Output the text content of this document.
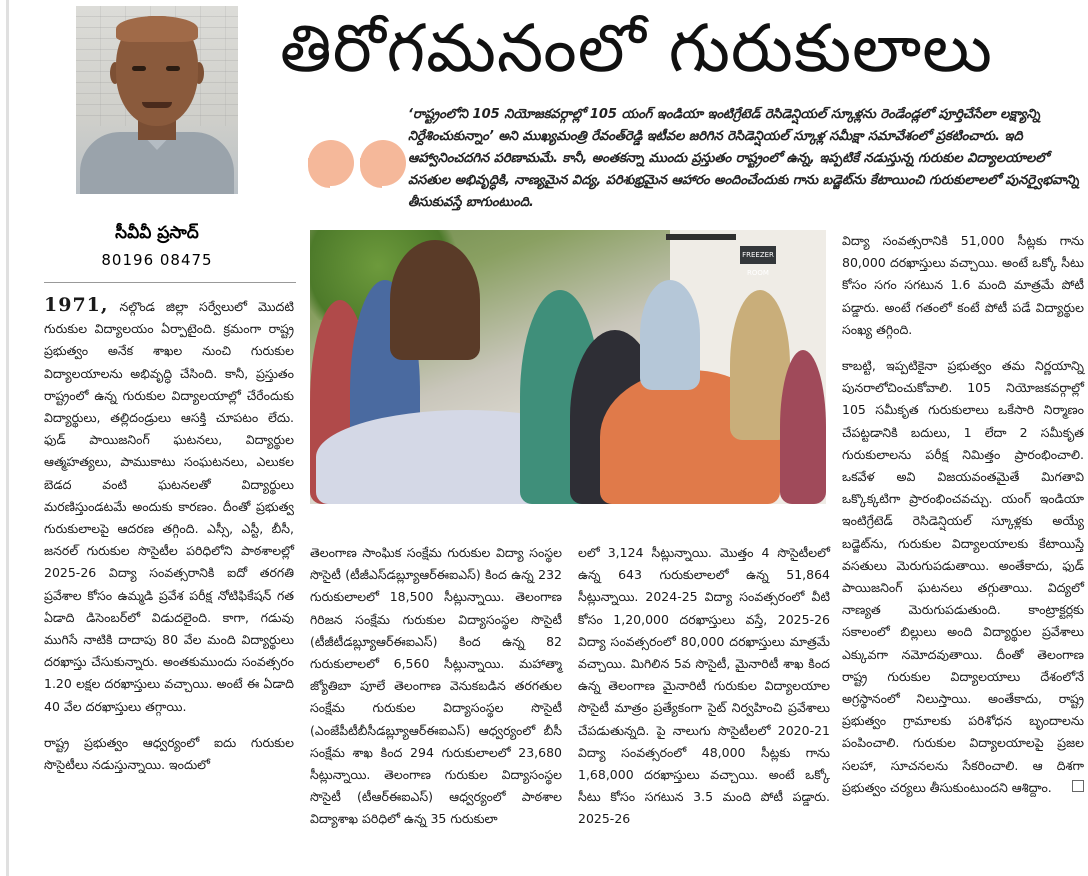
తిరోగమనంలో గురుకులాలు

‘రాష్ట్రంలోని 105 నియోజకవర్గాల్లో 105 యంగ్ ఇండియా ఇంటిగ్రేటెడ్ రెసిడెన్షియల్ స్కూళ్లను రెండేండ్లలో పూర్తిచేసేలా లక్ష్యాన్ని నిర్దేశించుకున్నాం’ అని ముఖ్యమంత్రి రేవంత్‌రెడ్డి ఇటీవల జరిగిన రెసిడెన్షియల్ స్కూళ్ల సమీక్షా సమావేశంలో ప్రకటించారు. ఇది ఆహ్వానించదగిన పరిణామమే. కానీ, అంతకన్నా ముందు ప్రస్తుతం రాష్ట్రంలో ఉన్న, ఇప్పటికే నడుస్తున్న గురుకుల విద్యాలయాలలో వసతుల అభివృద్ధికి, నాణ్యమైన విద్య, పరిశుభ్రమైన ఆహారం అందించేందుకు గాను బడ్జెట్‌ను కేటాయించి గురుకులాలలో పునర్వైభవాన్ని తీసుకువస్తే బాగుంటుంది.

సీవీవీ ప్రసాద్

80196 08475

1971, నల్గొండ జిల్లా సర్వేలులో మొదటి గురుకుల విద్యాలయం ఏర్పాటైంది. క్రమంగా రాష్ట్ర ప్రభుత్వం అనేక శాఖల నుంచి గురుకుల విద్యాలయాలను అభివృద్ధి చేసింది. కానీ, ప్రస్తుతం రాష్ట్రంలో ఉన్న గురుకుల విద్యాలయాల్లో చేరేందుకు విద్యార్థులు, తల్లిదండ్రులు ఆసక్తి చూపటం లేదు. ఫుడ్ పాయిజనింగ్ ఘటనలు, విద్యార్థుల ఆత్మహత్యలు, పాముకాటు సంఘటనలు, ఎలుకల బెడద వంటి ఘటనలతో విద్యార్థులు మరణిస్తుండటమే అందుకు కారణం. దీంతో ప్రభుత్వ గురుకులాలపై ఆదరణ తగ్గింది. ఎస్సీ, ఎస్టీ, బీసీ, జనరల్ గురుకుల సొసైటీల పరిధిలోని పాఠశాలల్లో 2025-26 విద్యా సంవత్సరానికి ఐదో తరగతి ప్రవేశాల కోసం ఉమ్మడి ప్రవేశ పరీక్ష నోటిఫికేషన్ గత ఏడాది డిసెంబర్‌లో విడుదలైంది. కాగా, గడువు ముగిసే నాటికి దాదాపు 80 వేల మంది విద్యార్థులు దరఖాస్తు చేసుకున్నారు. అంతకుముందు సంవత్సరం 1.20 లక్షల దరఖాస్తులు వచ్చాయి. అంటే ఈ ఏడాది 40 వేల దరఖాస్తులు తగ్గాయి.

రాష్ట్ర ప్రభుత్వం ఆధ్వర్యంలో ఐదు గురుకుల సొసైటీలు నడుస్తున్నాయి. ఇందులో

FREEZER ROOM

తెలంగాణ సాంఘిక సంక్షేమ గురుకుల విద్యా సంస్థల సొసైటీ (టీజీఎస్‌డబ్ల్యూఆర్ఈఐఎస్) కింద ఉన్న 232 గురుకులాలలో 18,500 సీట్లున్నాయి. తెలంగాణ గిరిజన సంక్షేమ గురుకుల విద్యాసంస్థల సొసైటీ (టీజీటీడబ్ల్యూఆర్ఈఐఎస్) కింద ఉన్న 82 గురుకులాలలో 6,560 సీట్లున్నాయి. మహాత్మా జ్యోతిబా పూలే తెలంగాణ వెనుకబడిన తరగతుల సంక్షేమ గురుకుల విద్యాసంస్థల సొసైటీ (ఎంజేపీటీబీసీడబ్ల్యూఆర్ఈఐఎస్) ఆధ్వర్యంలో బీసీ సంక్షేమ శాఖ కింద 294 గురుకులాలలో 23,680 సీట్లున్నాయి. తెలంగాణ గురుకుల విద్యాసంస్థల సొసైటీ (టీఆర్ఈఐఎస్) ఆధ్వర్యంలో పాఠశాల విద్యాశాఖ పరిధిలో ఉన్న 35 గురుకులా

లలో 3,124 సీట్లున్నాయి. మొత్తం 4 సొసైటీలలో ఉన్న 643 గురుకులాలలో ఉన్న 51,864 సీట్లున్నాయి. 2024-25 విద్యా సంవత్సరంలో వీటి కోసం 1,20,000 దరఖాస్తులు వస్తే, 2025-26 విద్యా సంవత్సరంలో 80,000 దరఖాస్తులు మాత్రమే వచ్చాయి. మిగిలిన 5వ సొసైటీ, మైనారిటీ శాఖ కింద ఉన్న తెలంగాణ మైనారిటీ గురుకుల విద్యాలయాల సొసైటీ మాత్రం ప్రత్యేకంగా సైట్ నిర్వహించి ప్రవేశాలు చేపడుతున్నది. పై నాలుగు సొసైటీలలో 2020-21 విద్యా సంవత్సరంలో 48,000 సీట్లకు గాను 1,68,000 దరఖాస్తులు వచ్చాయి. అంటే ఒక్కో సీటు కోసం సగటున 3.5 మంది పోటీ పడ్డారు. 2025-26

విద్యా సంవత్సరానికి 51,000 సీట్లకు గాను 80,000 దరఖాస్తులు వచ్చాయి. అంటే ఒక్కో సీటు కోసం సగం సగటున 1.6 మంది మాత్రమే పోటీ పడ్డారు. అంటే గతంలో కంటే పోటీ పడే విద్యార్థుల సంఖ్య తగ్గింది.

కాబట్టి, ఇప్పటికైనా ప్రభుత్వం తమ నిర్ణయాన్ని పునరాలోచించుకోవాలి. 105 నియోజకవర్గాల్లో 105 సమీకృత గురుకులాలు ఒకేసారి నిర్మాణం చేపట్టడానికి బదులు, 1 లేదా 2 సమీకృత గురుకులాలను పరీక్ష నిమిత్తం ప్రారంభించాలి. ఒకవేళ అవి విజయవంతమైతే మిగతావి ఒక్కొక్కటిగా ప్రారంభించవచ్చు. యంగ్ ఇండియా ఇంటిగ్రేటెడ్ రెసిడెన్షియల్ స్కూళ్లకు అయ్యే బడ్జెట్‌ను, గురుకుల విద్యాలయాలకు కేటాయిస్తే వసతులు మెరుగుపడుతాయి. అంతేకాదు, ఫుడ్ పాయిజనింగ్ ఘటనలు తగ్గుతాయి. విద్యలో నాణ్యత మెరుగుపడుతుంది. కాంట్రాక్టర్లకు సకాలంలో బిల్లులు అంది విద్యార్థుల ప్రవేశాలు ఎక్కువగా నమోదవుతాయి. దీంతో తెలంగాణ రాష్ట్ర గురుకుల విద్యాలయాలు దేశంలోనే అగ్రస్థానంలో నిలుస్తాయి. అంతేకాదు, రాష్ట్ర ప్రభుత్వం గ్రామాలకు పరిశోధన బృందాలను పంపించాలి. గురుకుల విద్యాలయాలపై ప్రజల సలహా, సూచనలను సేకరించాలి. ఆ దిశగా ప్రభుత్వం చర్యలు తీసుకుంటుందని ఆశిద్దాం.
